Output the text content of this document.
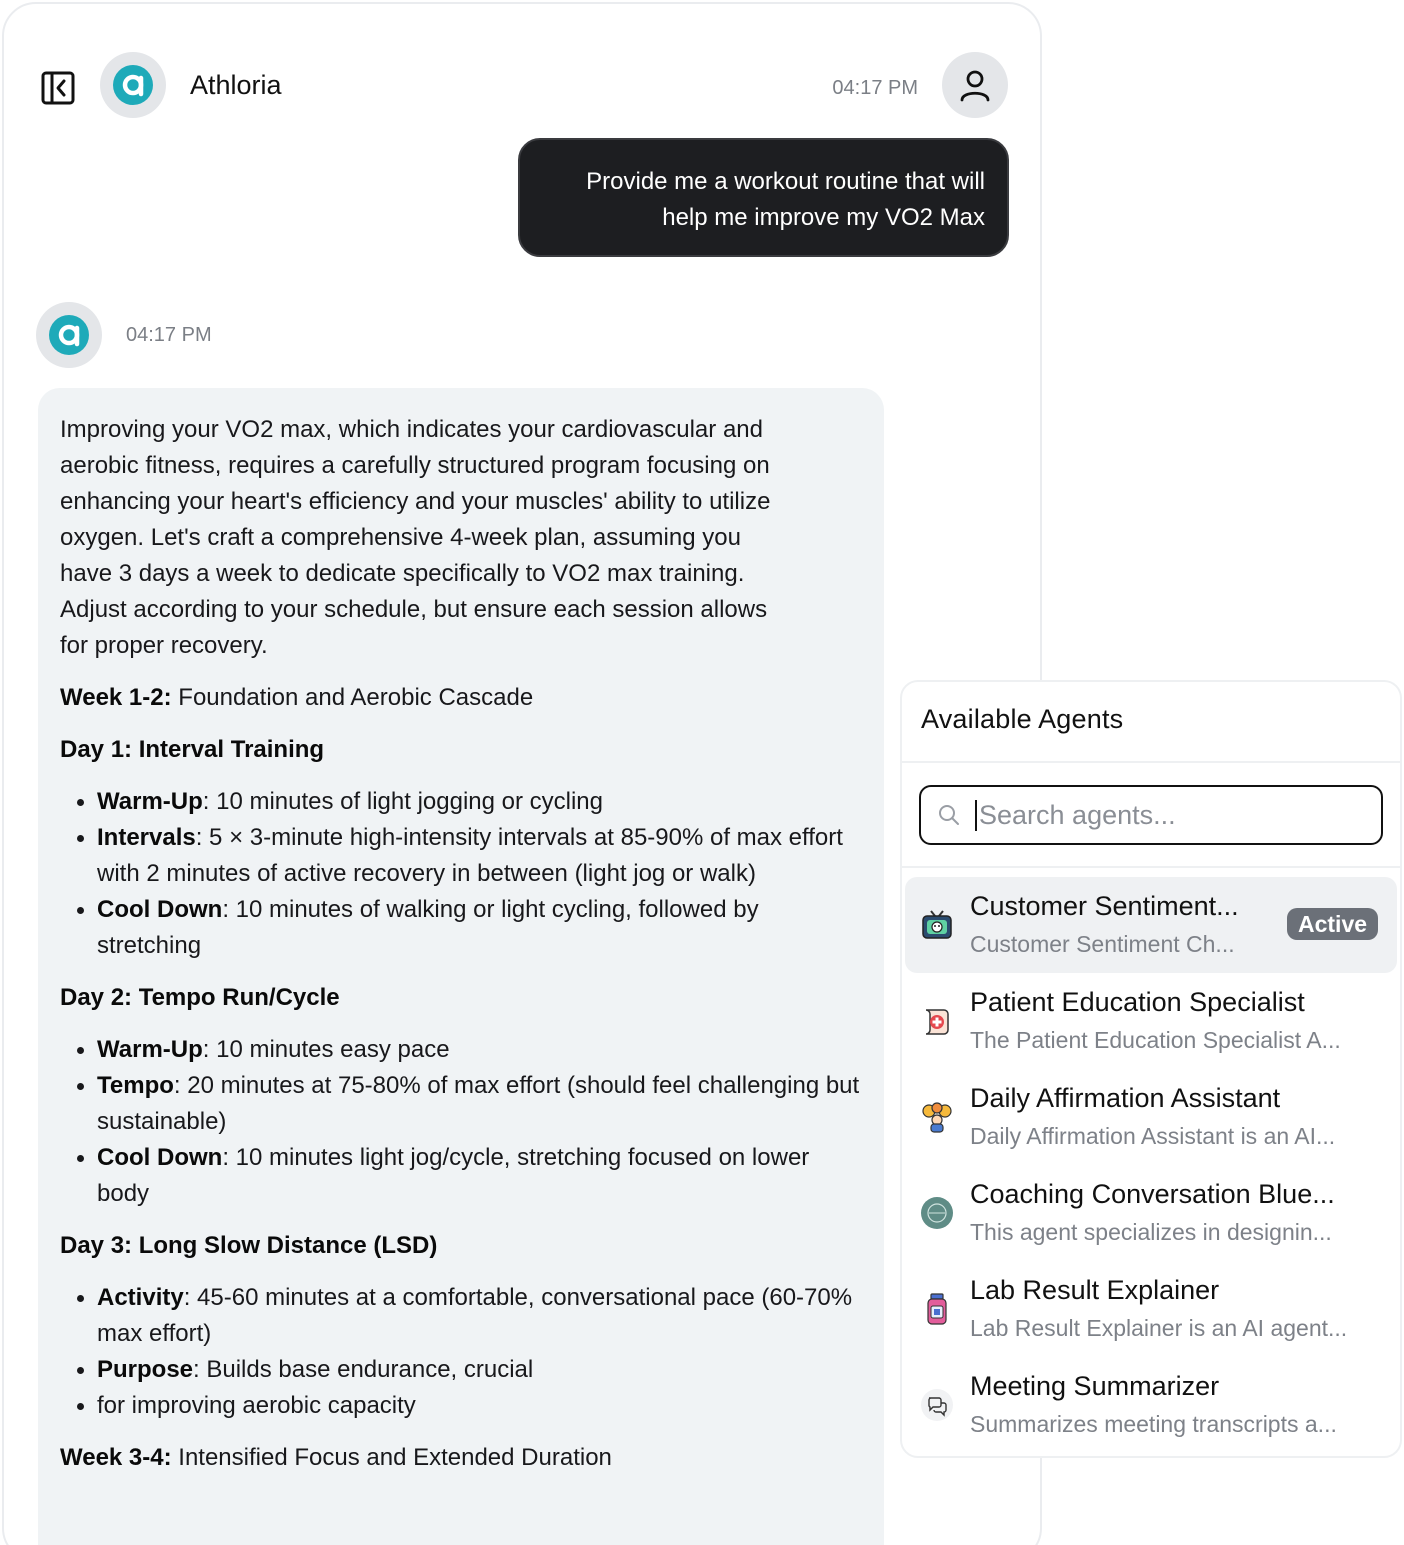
Athloria	04:17 PM
Provide me a workout routine that will
help me improve my VO2 Max
04:17 PM

Improving your VO2 max, which indicates your cardiovascular and
aerobic fitness, requires a carefully structured program focusing on
enhancing your heart's efficiency and your muscles' ability to utilize
oxygen. Let's craft a comprehensive 4-week plan, assuming you
have 3 days a week to dedicate specifically to VO2 max training.
Adjust according to your schedule, but ensure each session allows
for proper recovery.

Week 1-2: Foundation and Aerobic Cascade

Day 1: Interval Training

Warm-Up: 10 minutes of light jogging or cycling
Intervals: 5 × 3-minute high-intensity intervals at 85-90% of max effort with 2 minutes of active recovery in between (light jog or walk)
Cool Down: 10 minutes of walking or light cycling, followed by stretching

Day 2: Tempo Run/Cycle

Warm-Up: 10 minutes easy pace
Tempo: 20 minutes at 75-80% of max effort (should feel challenging but sustainable)
Cool Down: 10 minutes light jog/cycle, stretching focused on lower body

Day 3: Long Slow Distance (LSD)

Activity: 45-60 minutes at a comfortable, conversational pace (60-70% max effort)
Purpose: Builds base endurance, crucial
for improving aerobic capacity

Week 3-4: Intensified Focus and Extended Duration

Available Agents
Search agents...
Customer Sentiment...
Customer Sentiment Ch...
Active
Patient Education Specialist
The Patient Education Specialist A...
Daily Affirmation Assistant
Daily Affirmation Assistant is an AI...
Coaching Conversation Blue...
This agent specializes in designin...
Lab Result Explainer
Lab Result Explainer is an AI agent...
Meeting Summarizer
Summarizes meeting transcripts a...
